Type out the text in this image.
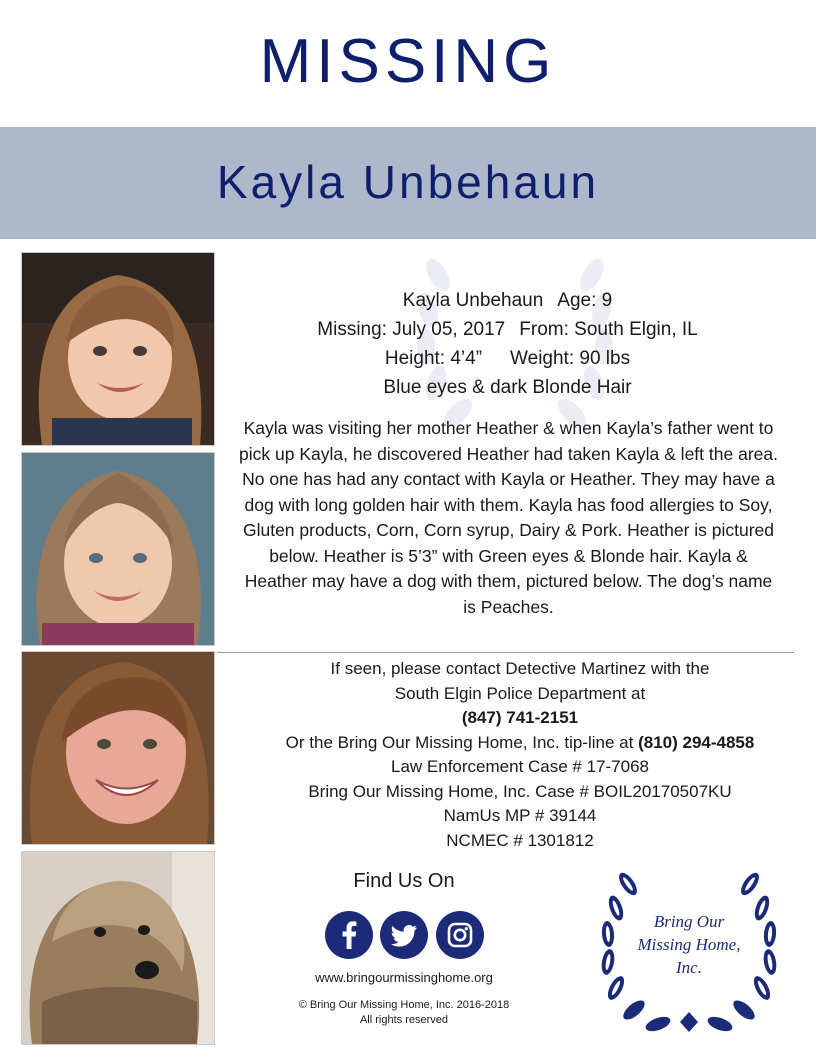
MISSING
Kayla Unbehaun
Kayla Unbehaun Age: 9
Missing: July 05, 2017 From: South Elgin, IL
Height: 4’4” Weight: 90 lbs
Blue eyes & dark Blonde Hair
Kayla was visiting her mother Heather & when Kayla’s father went to pick up Kayla, he discovered Heather had taken Kayla & left the area. No one has had any contact with Kayla or Heather. They may have a dog with long golden hair with them. Kayla has food allergies to Soy, Gluten products, Corn, Corn syrup, Dairy & Pork. Heather is pictured below. Heather is 5’3” with Green eyes & Blonde hair. Kayla & Heather may have a dog with them, pictured below. The dog’s name is Peaches.
If seen, please contact Detective Martinez with the
South Elgin Police Department at
(847) 741-2151
Or the Bring Our Missing Home, Inc. tip-line at (810) 294-4858
Law Enforcement Case # 17-7068
Bring Our Missing Home, Inc. Case # BOIL20170507KU
NamUs MP # 39144
NCMEC # 1301812
Find Us On
www.bringourmissinghome.org
© Bring Our Missing Home, Inc. 2016-2018
All rights reserved
Bring Our
Missing Home,
Inc.
